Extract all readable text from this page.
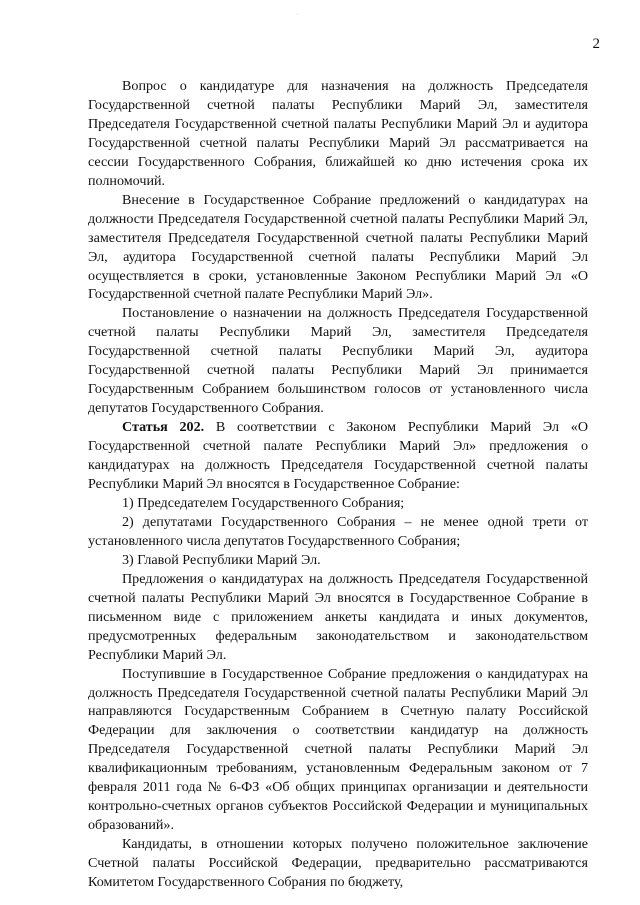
·
2

Вопрос о кандидатуре для назначения на должность Председателя Государственной счетной палаты Республики Марий Эл, заместителя Председателя Государственной счетной палаты Республики Марий Эл и аудитора Государственной счетной палаты Республики Марий Эл рассматривается на сессии Государственного Собрания, ближайшей ко дню истечения срока их полномочий.

Внесение в Государственное Собрание предложений о кандидатурах на должности Председателя Государственной счетной палаты Республики Марий Эл, заместителя Председателя Государственной счетной палаты Республики Марий Эл, аудитора Государственной счетной палаты Республики Марий Эл осуществляется в сроки, установленные Законом Республики Марий Эл «О Государственной счетной палате Республики Марий Эл».

Постановление о назначении на должность Председателя Государственной счетной палаты Республики Марий Эл, заместителя Председателя Государственной счетной палаты Республики Марий Эл, аудитора Государственной счетной палаты Республики Марий Эл принимается Государственным Собранием большинством голосов от установленного числа депутатов Государственного Собрания.

Статья 202. В соответствии с Законом Республики Марий Эл «О Государственной счетной палате Республики Марий Эл» предложения о кандидатурах на должность Председателя Государственной счетной палаты Республики Марий Эл вносятся в Государственное Собрание:

1) Председателем Государственного Собрания;

2) депутатами Государственного Собрания – не менее одной трети от установленного числа депутатов Государственного Собрания;

3) Главой Республики Марий Эл.

Предложения о кандидатурах на должность Председателя Государственной счетной палаты Республики Марий Эл вносятся в Государственное Собрание в письменном виде с приложением анкеты кандидата и иных документов, предусмотренных федеральным законодательством и законодательством Республики Марий Эл.

Поступившие в Государственное Собрание предложения о кандидатурах на должность Председателя Государственной счетной палаты Республики Марий Эл направляются Государственным Собранием в Счетную палату Российской Федерации для заключения о соответствии кандидатур на должность Председателя Государственной счетной палаты Республики Марий Эл квалификационным требованиям, установленным Федеральным законом от 7 февраля 2011 года № 6-ФЗ «Об общих принципах организации и деятельности контрольно-счетных органов субъектов Российской Федерации и муниципальных образований».

Кандидаты, в отношении которых получено положительное заключение Счетной палаты Российской Федерации, предварительно рассматриваются Комитетом Государственного Собрания по бюджету,
